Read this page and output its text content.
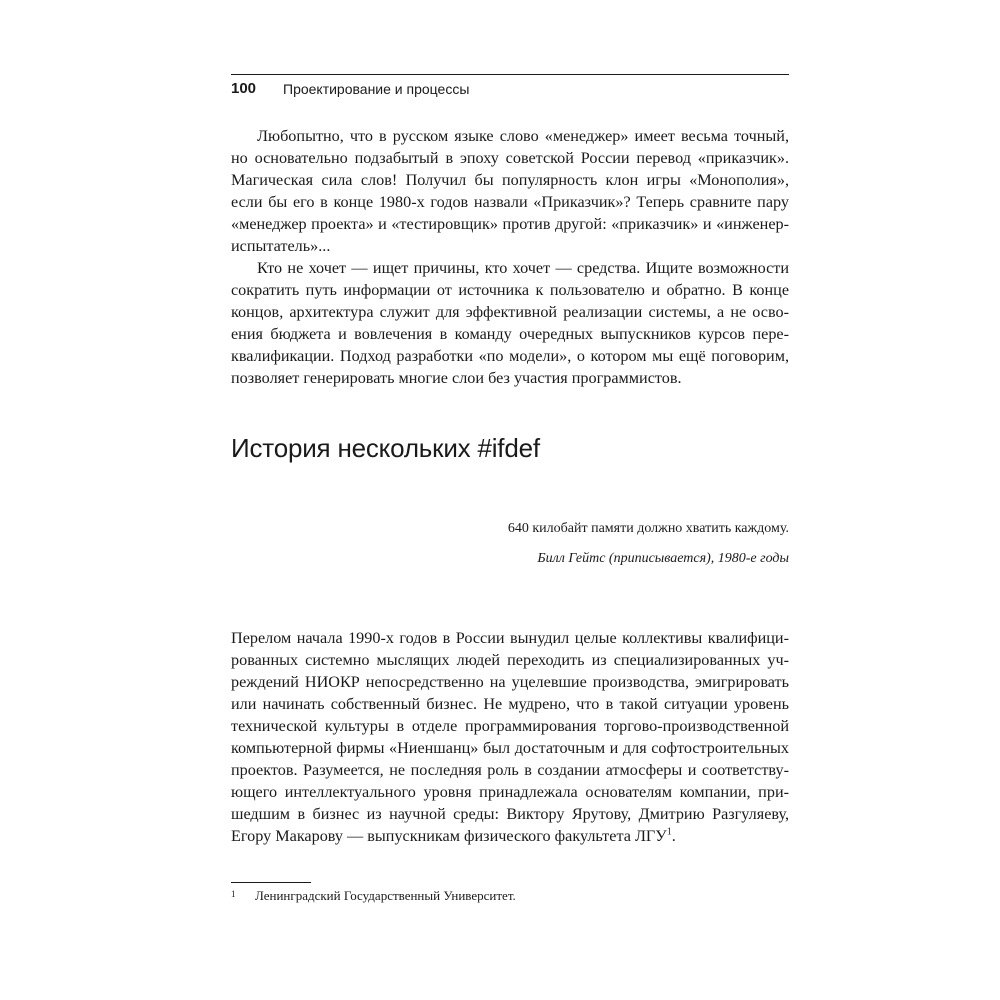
100 Проектирование и процессы

Любопытно, что в русском языке слово «менеджер» имеет весьма точный, но основательно подзабытый в эпоху советской России перевод «приказчик». Магическая сила слов! Получил бы популярность клон игры «Монополия», если бы его в конце 1980-х годов назвали «Приказчик»? Теперь сравните пару «менеджер проекта» и «тестировщик» против другой: «приказчик» и «инженер-испытатель»...

Кто не хочет — ищет причины, кто хочет — средства. Ищите возможности сократить путь информации от источника к пользователю и обратно. В конце концов, архитектура служит для эффективной реализации системы, а не освоения бюджета и вовлечения в команду очередных выпускников курсов переквалификации. Подход разработки «по модели», о котором мы ещё поговорим, позволяет генерировать многие слои без участия программистов.

История нескольких #ifdef
640 килобайт памяти должно хватить каждому.
Билл Гейтс (приписывается), 1980-е годы

Перелом начала 1990-х годов в России вынудил целые коллективы квалифицированных системно мыслящих людей переходить из специализированных учреждений НИОКР непосредственно на уцелевшие производства, эмигрировать или начинать собственный бизнес. Не мудрено, что в такой ситуации уровень технической культуры в отделе программирования торгово-производственной компьютерной фирмы «Ниеншанц» был достаточным и для софтостроительных проектов. Разумеется, не последняя роль в создании атмосферы и соответствующего интеллектуального уровня принадлежала основателям компании, пришедшим в бизнес из научной среды: Виктору Ярутову, Дмитрию Разгуляеву, Егору Макарову — выпускникам физического факультета ЛГУ$^1$.

1 Ленинградский Государственный Университет.
